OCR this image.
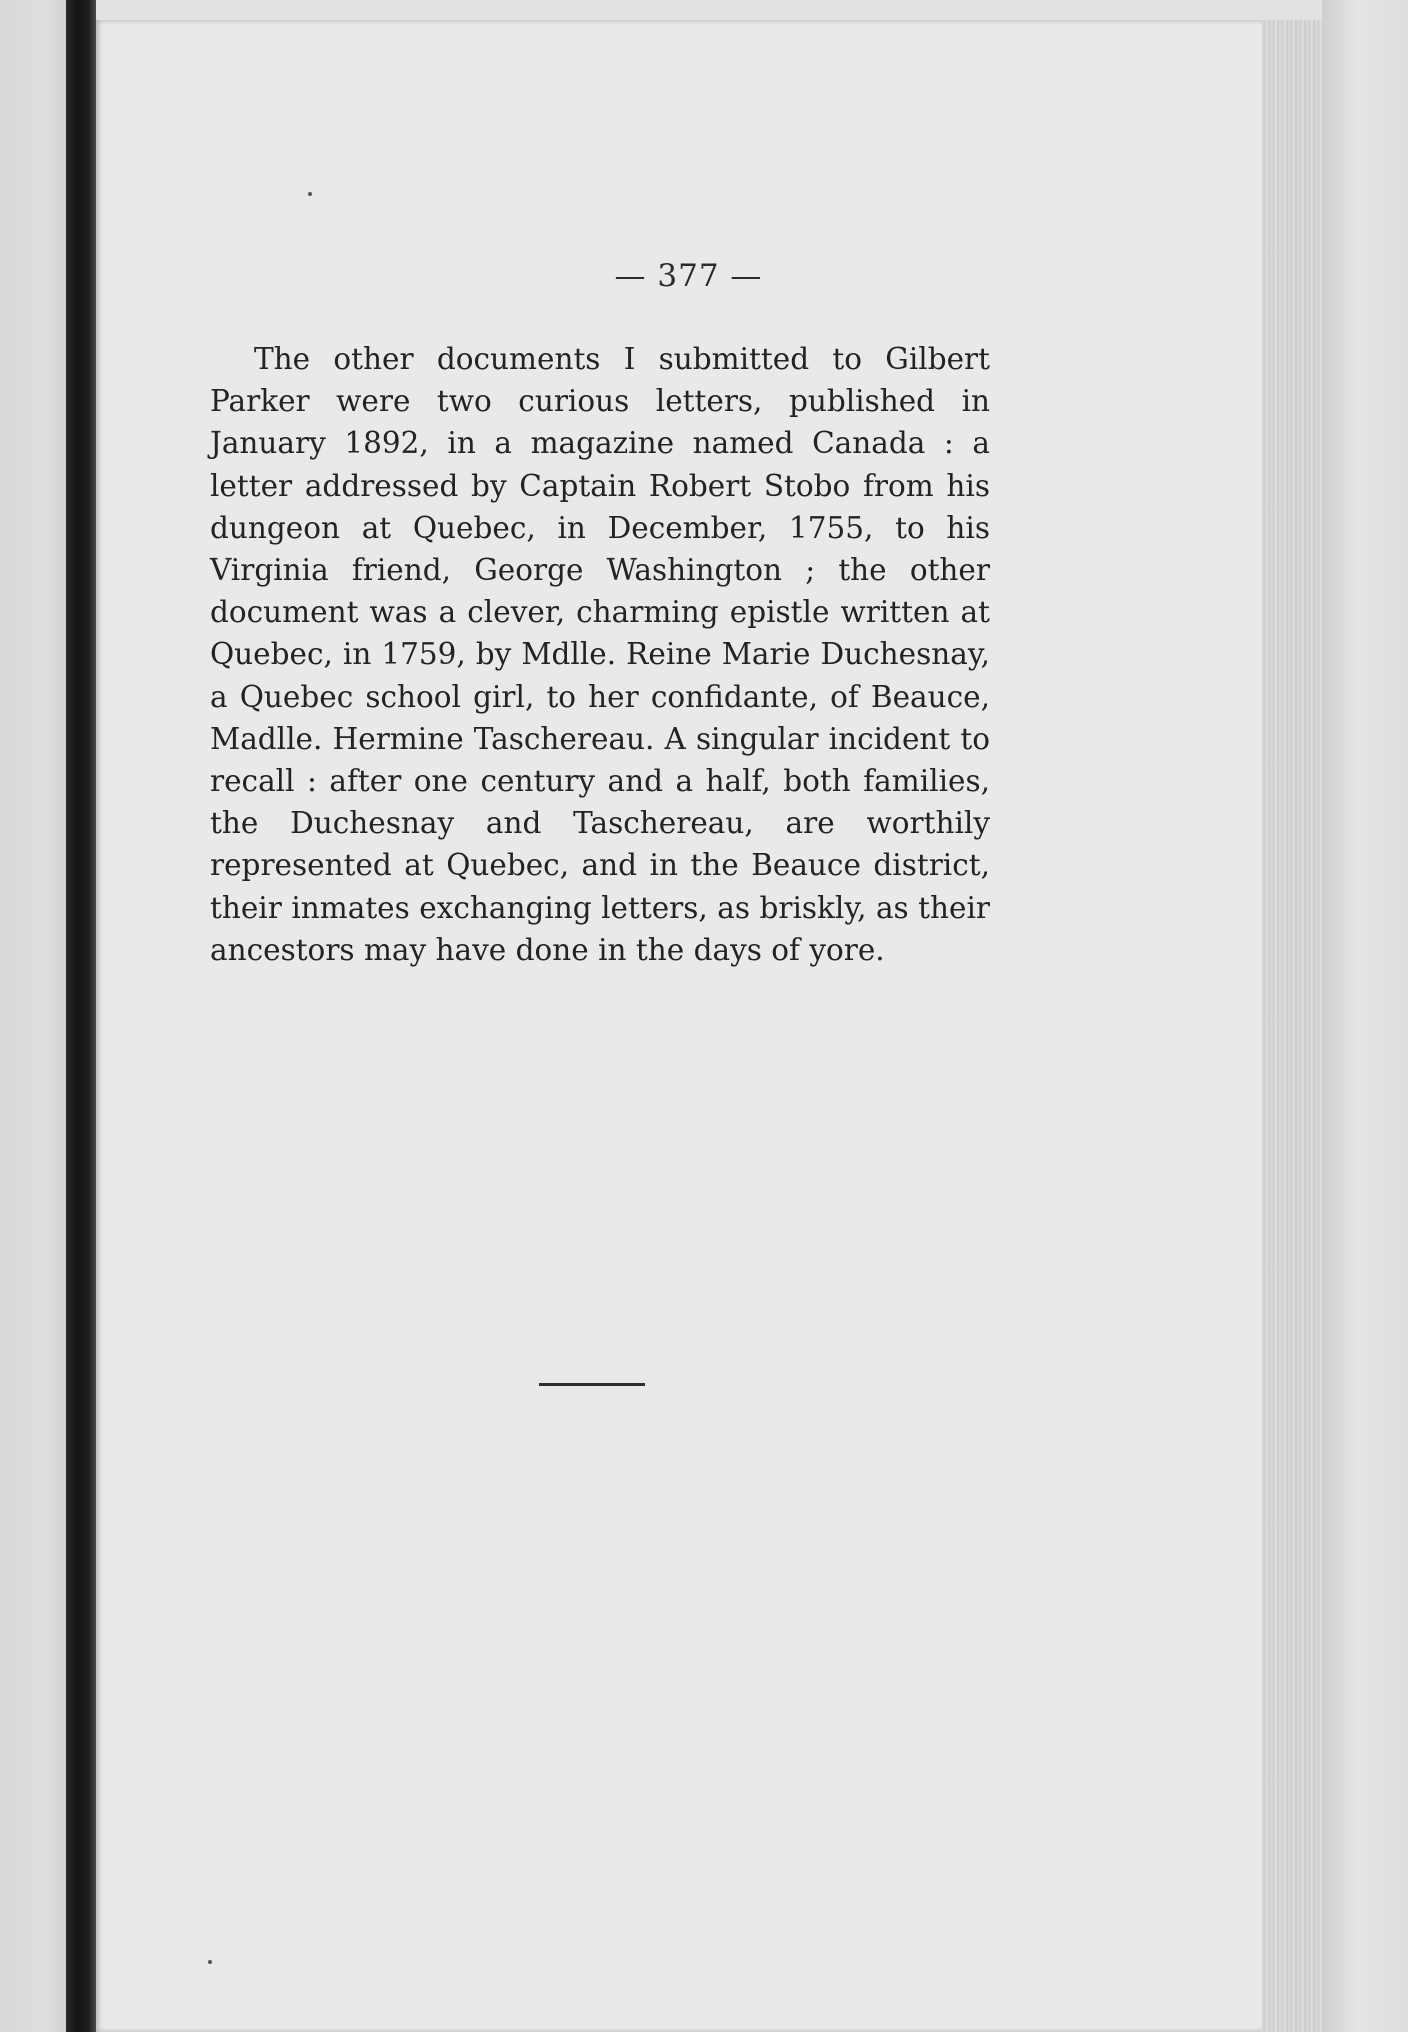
— 377 —

The other documents I submitted to Gilbert Parker were two curious letters, published in January 1892, in a magazine named Canada : a letter addressed by Captain Robert Stobo from his dungeon at Quebec, in December, 1755, to his Virginia friend, George Washington ; the other document was a clever, charming epistle written at Quebec, in 1759, by Mdlle. Reine Marie Duchesnay, a Quebec school girl, to her confidante, of Beauce, Madlle. Hermine Taschereau. A singular incident to recall : after one century and a half, both families, the Duchesnay and Taschereau, are worthily represented at Quebec, and in the Beauce district, their inmates exchanging letters, as briskly, as their ancestors may have done in the days of yore.
